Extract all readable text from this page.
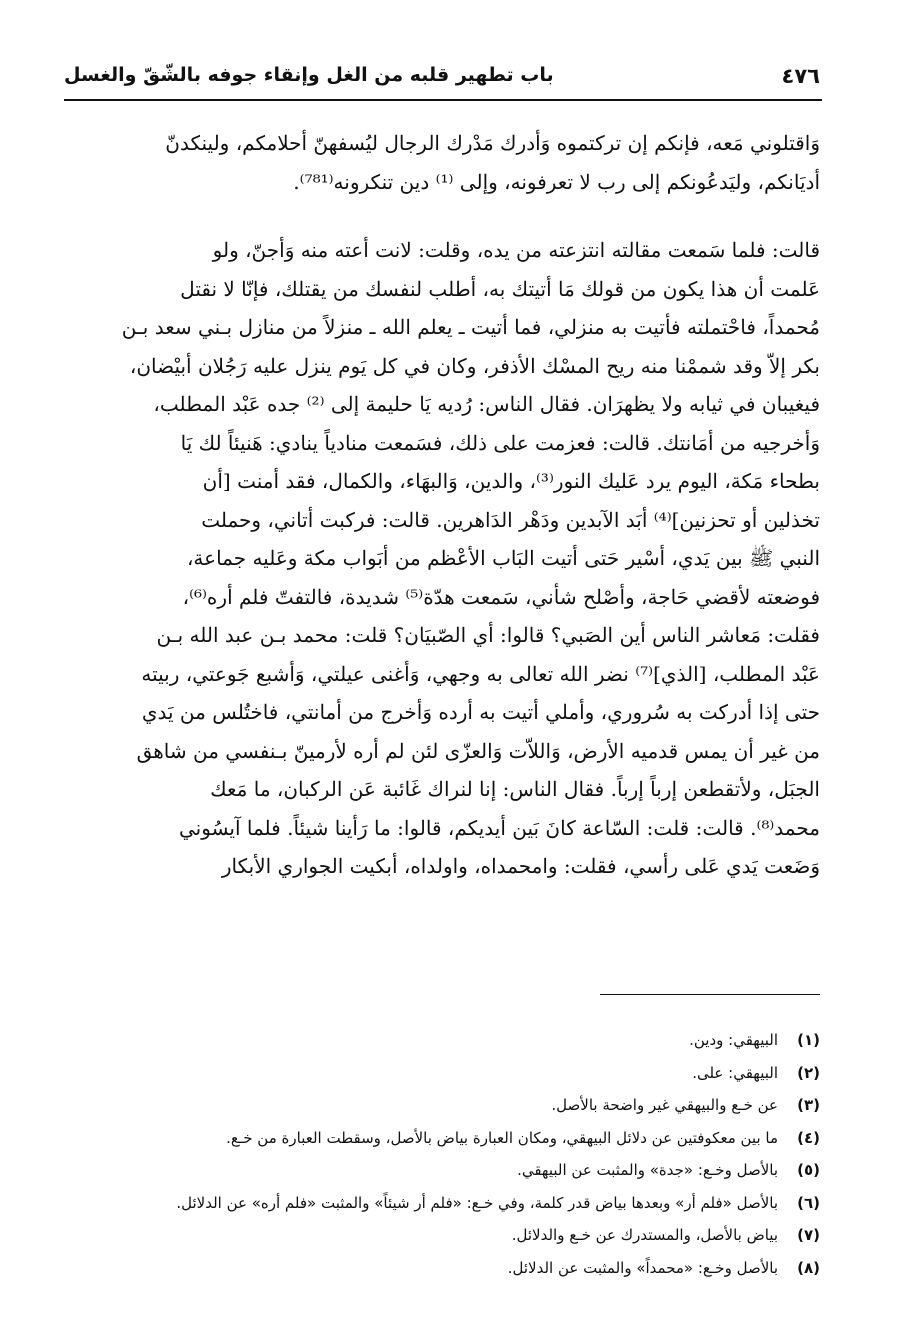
٤٧٦
باب تطهير قلبه من الغل وإنقاء جوفه بالشّقّ والغسل
وَاقتلوني مَعه، فإنكم إن تركتموه وَأدرك مَدْرك الرجال ليُسفهنّ أحلامكم، ولينكدنّ
أديَانكم، وليَدعُونكم إلى رب لا تعرفونه، وإلى ⁽¹⁾ دين تنكرونه⁽⁷⁸¹⁾.
قالت: فلما سَمعت مقالته انتزعته من يده، وقلت: لانت أعته منه وَأجنّ، ولو
عَلمت أن هذا يكون من قولك مَا أتيتك به، أطلب لنفسك من يقتلك، فإنّا لا نقتل
مُحمداً، فاحْتملته فأتيت به منزلي، فما أتيت ـ يعلم الله ـ منزلاً من منازل بـني سعد بـن
بكر إلاّ وقد شممْنا منه ريح المسْك الأذفر، وكان في كل يَوم ينزل عليه رَجُلان أبيْضان،
فيغيبان في ثيابه ولا يظهرَان. فقال الناس: رُديه يَا حليمة إلى ⁽²⁾ جده عَبْد المطلب،
وَأخرجيه من أمَانتك. قالت: فعزمت على ذلك، فسَمعت منادياً ينادي: هَنيئاً لك يَا
بطحاء مَكة، اليوم يرد عَليك النور⁽³⁾، والدين، وَالبهَاء، والكمال، فقد أمنت [أن
تخذلين أو تحزنين]⁽⁴⁾ أبَد الآبدين ودَهْر الدَاهرين. قالت: فركبت أتاني، وحملت
النبي ﷺ بين يَدي، أسْير حَتى أتيت البَاب الأعْظم من أبَواب مكة وعَليه جماعة،
فوضعته لأقضي حَاجة، وأصْلح شأني، سَمعت هدّة⁽⁵⁾ شديدة، فالتفتّ فلم أره⁽⁶⁾،
فقلت: مَعاشر الناس أين الصَبي؟ قالوا: أي الصّبيَان؟ قلت: محمد بـن عبد الله بـن
عَبْد المطلب، [الذي]⁽⁷⁾ نضر الله تعالى به وجهي، وَأغنى عيلتي، وَأشبع جَوعتي، ربيته
حتى إذا أدركت به سُروري، وأملي أتيت به أرده وَأخرج من أمانتي، فاختُلس من يَدي
من غير أن يمس قدميه الأرض، وَاللاّت وَالعزّى لئن لم أره لأرمينّ بـنفسي من شاهق
الجبَل، ولأتقطعن إرباً إرباً. فقال الناس: إنا لنراك غَائبة عَن الركبان، ما مَعك
محمد⁽⁸⁾. قالت: قلت: السّاعة كانَ بَين أيديكم، قالوا: ما رَأينا شيئاً. فلما آيسُوني
وَضَعت يَدي عَلى رأسي، فقلت: وامحمداه، واولداه، أبكيت الجواري الأبكار
(١)البيهقي: ودين.
(٢)البيهقي: على.
(٣)عن خـع والبيهقي غير واضحة بالأصل.
(٤)ما بين معكوفتين عن دلائل البيهقي، ومكان العبارة بياض بالأصل، وسقطت العبارة من خـع.
(٥)بالأصل وخـع: «جدة» والمثبت عن البيهقي.
(٦)بالأصل «فلم أر» وبعدها بياض قدر كلمة، وفي خـع: «فلم أر شيئاً» والمثبت «فلم أره» عن الدلائل.
(٧)بياض بالأصل، والمستدرك عن خـع والدلائل.
(٨)بالأصل وخـع: «محمداً» والمثبت عن الدلائل.
